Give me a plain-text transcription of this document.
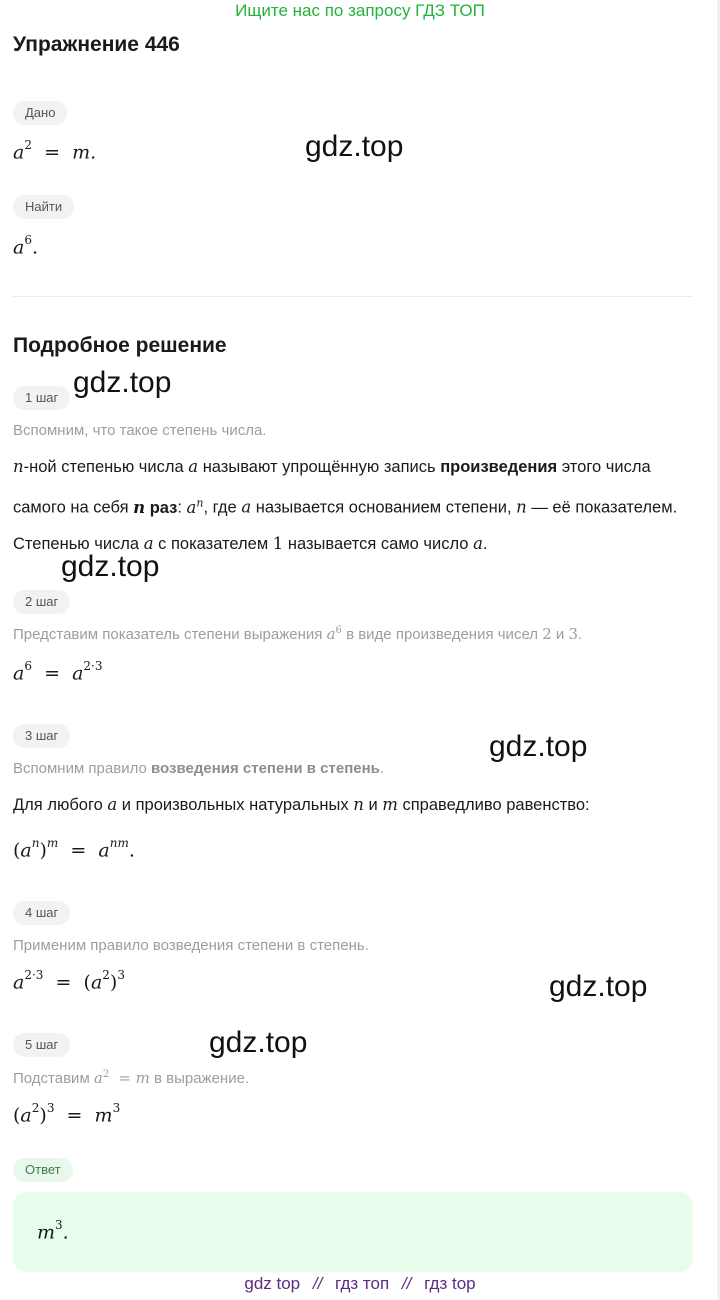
Ищите нас по запросу ГДЗ ТОП
Упражнение 446
Дано
$a^2 = m$.
Найти
$a^6$.
Подробное решение
1 шаг
Вспомним, что такое степень числа.
n-ной степенью числа a называют упрощённую запись произведения этого числа самого на себя n раз: $a^n$, где a называется основанием степени, n — её показателем. Степенью числа a с показателем 1 называется само число a.
2 шаг
Представим показатель степени выражения $a^6$ в виде произведения чисел 2 и 3.
$a^6 = a^{2\cdot 3}$
3 шаг
Вспомним правило возведения степени в степень.
Для любого a и произвольных натуральных n и m справедливо равенство:
$(a^n)^m = a^{nm}$.
4 шаг
Применим правило возведения степени в степень.
$a^{2\cdot 3} = (a^2)^3$
5 шаг
Подставим $a^2 = m$ в выражение.
$(a^2)^3 = m^3$
Ответ
$m^3$.
gdz.top
gdz.top
gdz.top
gdz.top
gdz.top
gdz.top
gdz top // гдз топ // гдз top
